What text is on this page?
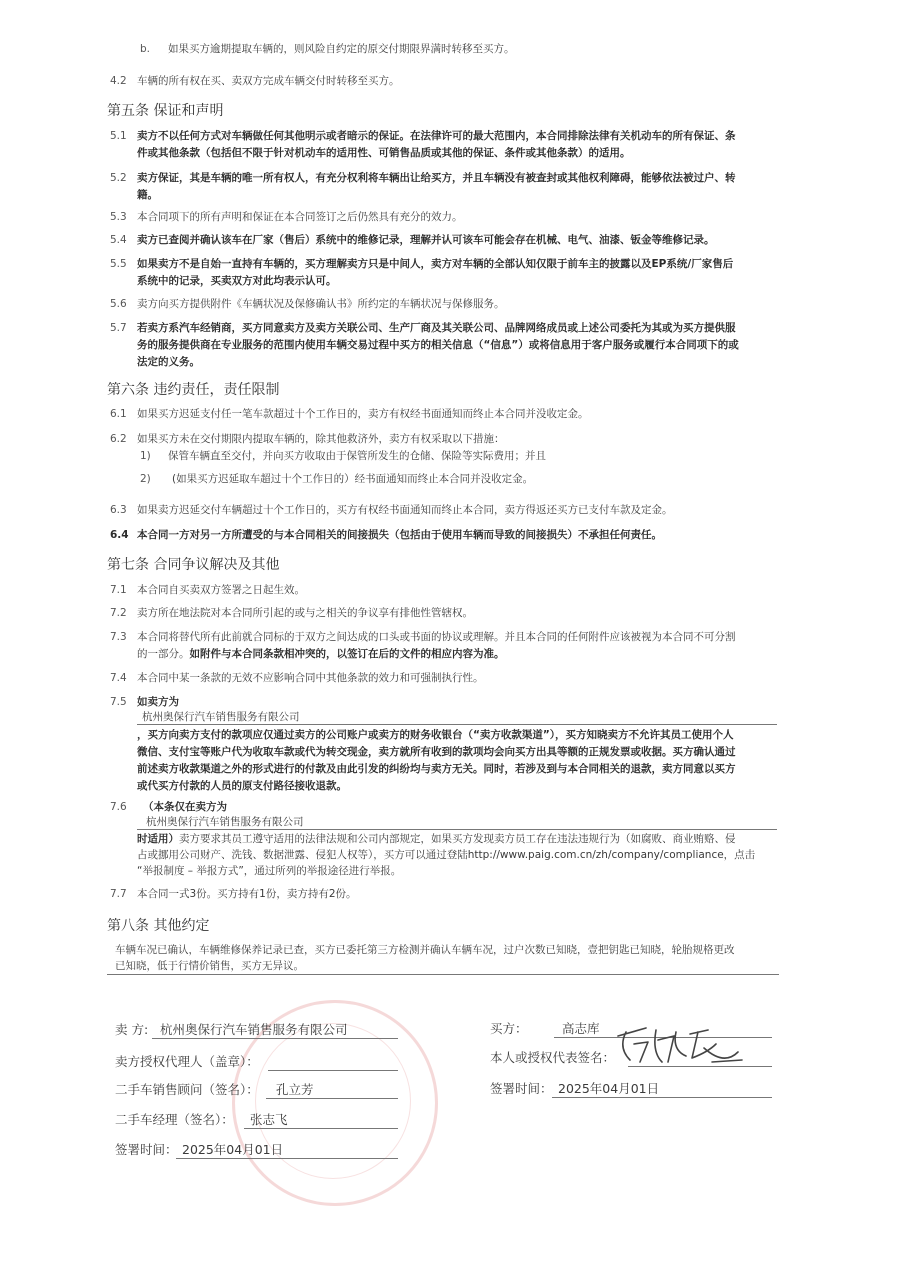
b. 如果买方逾期提取车辆的，则风险自约定的原交付期限界满时转移至买方。
4.2 车辆的所有权在买、卖双方完成车辆交付时转移至买方。
第五条 保证和声明
5.1 卖方不以任何方式对车辆做任何其他明示或者暗示的保证。在法律许可的最大范围内，本合同排除法律有关机动车的所有保证、条
件或其他条款（包括但不限于针对机动车的适用性、可销售品质或其他的保证、条件或其他条款）的适用。
5.2 卖方保证，其是车辆的唯一所有权人，有充分权利将车辆出让给买方，并且车辆没有被查封或其他权利障碍，能够依法被过户、转
籍。
5.3 本合同项下的所有声明和保证在本合同签订之后仍然具有充分的效力。
5.4 卖方已查阅并确认该车在厂家（售后）系统中的维修记录，理解并认可该车可能会存在机械、电气、油漆、钣金等维修记录。
5.5 如果卖方不是自始一直持有车辆的，买方理解卖方只是中间人，卖方对车辆的全部认知仅限于前车主的披露以及EP系统/厂家售后
系统中的记录，买卖双方对此均表示认可。
5.6 卖方向买方提供附件《车辆状况及保修确认书》所约定的车辆状况与保修服务。
5.7 若卖方系汽车经销商，买方同意卖方及卖方关联公司、生产厂商及其关联公司、品牌网络成员或上述公司委托为其或为买方提供服
务的服务提供商在专业服务的范围内使用车辆交易过程中买方的相关信息（“信息”）或将信息用于客户服务或履行本合同项下的或
法定的义务。
第六条 违约责任，责任限制
6.1 如果买方迟延支付任一笔车款超过十个工作日的，卖方有权经书面通知而终止本合同并没收定金。
6.2 如果买方未在交付期限内提取车辆的，除其他救济外，卖方有权采取以下措施：
1) 保管车辆直至交付，并向买方收取由于保管所发生的仓储、保险等实际费用；并且
2) (如果买方迟延取车超过十个工作日的）经书面通知而终止本合同并没收定金。
6.3 如果卖方迟延交付车辆超过十个工作日的，买方有权经书面通知而终止本合同，卖方得返还买方已支付车款及定金。
6.4 本合同一方对另一方所遭受的与本合同相关的间接损失（包括由于使用车辆而导致的间接损失）不承担任何责任。
第七条 合同争议解决及其他
7.1 本合同自买卖双方签署之日起生效。
7.2 卖方所在地法院对本合同所引起的或与之相关的争议享有排他性管辖权。
7.3 本合同将替代所有此前就合同标的于双方之间达成的口头或书面的协议或理解。并且本合同的任何附件应该被视为本合同不可分割
的一部分。如附件与本合同条款相冲突的，以签订在后的文件的相应内容为准。
7.4 本合同中某一条款的无效不应影响合同中其他条款的效力和可强制执行性。
7.5 如卖方为
杭州奥保行汽车销售服务有限公司
，买方向卖方支付的款项应仅通过卖方的公司账户或卖方的财务收银台（“卖方收款渠道”），买方知晓卖方不允许其员工使用个人
微信、支付宝等账户代为收取车款或代为转交现金，卖方就所有收到的款项均会向买方出具等额的正规发票或收据。买方确认通过
前述卖方收款渠道之外的形式进行的付款及由此引发的纠纷均与卖方无关。同时，若涉及到与本合同相关的退款，卖方同意以买方
或代买方付款的人员的原支付路径接收退款。
7.6 （本条仅在卖方为
杭州奥保行汽车销售服务有限公司
时适用）卖方要求其员工遵守适用的法律法规和公司内部规定，如果买方发现卖方员工存在违法违规行为（如腐败、商业贿赂、侵
占或挪用公司财产、洗钱、数据泄露、侵犯人权等），买方可以通过登陆http://www.paig.com.cn/zh/company/compliance，点击
“举报制度 – 举报方式”，通过所列的举报途径进行举报。
7.7 本合同一式3份。买方持有1份，卖方持有2份。
第八条 其他约定
车辆车况已确认，车辆维修保养记录已查，买方已委托第三方检测并确认车辆车况，过户次数已知晓，壹把钥匙已知晓，轮胎规格更改
已知晓，低于行情价销售，买方无异议。
卖 方: 杭州奥保行汽车销售服务有限公司
卖方授权代理人（盖章）：
二手车销售顾问（签名）： 孔立芳
二手车经理（签名）： 张志飞
签署时间： 2025年04月01日
买方：	高志库
本人或授权代表签名：
签署时间： 2025年04月01日
